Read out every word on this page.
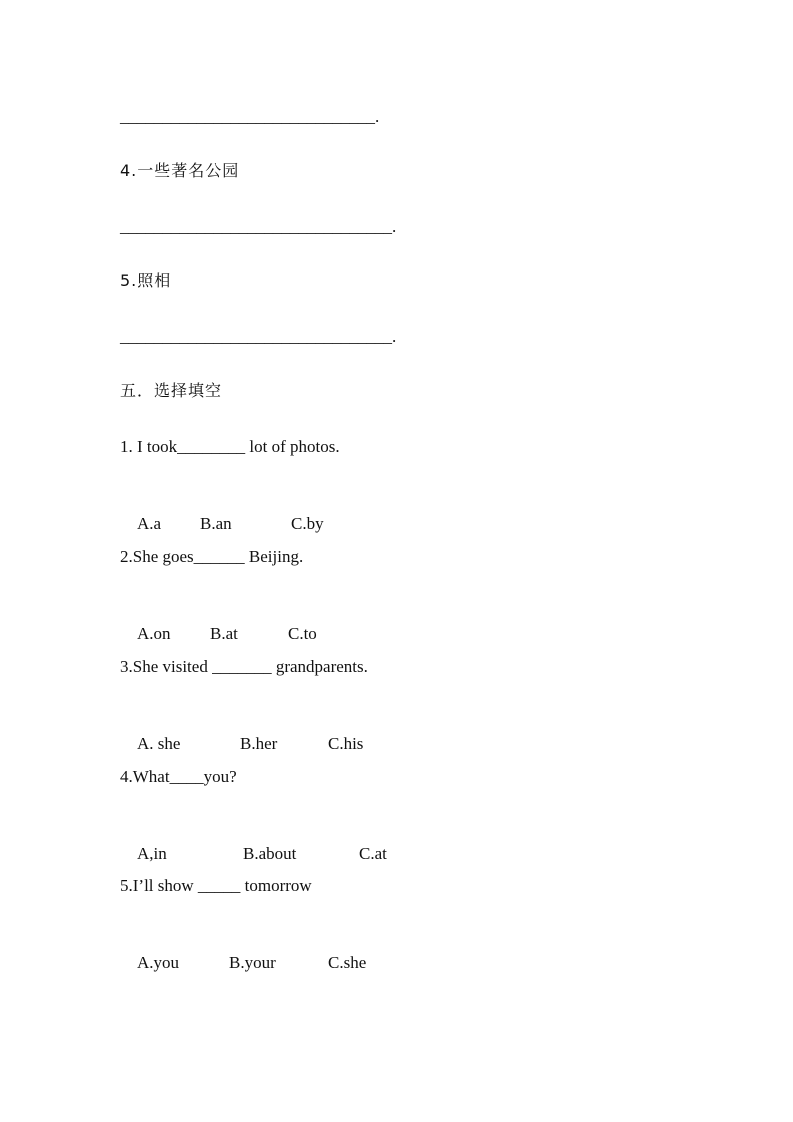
______________________________.
4.一些著名公园
________________________________.
5.照相
________________________________.
五．选择填空
1. I took________ lot of photos.

A.a B.an	C.by

2.She goes______ Beijing.

A.on B.at	C.to

3.She visited _______ grandparents.

A. she	B.her	C.his

4.What____you?

A,in	B.about	C.at

5.I’ll show _____ tomorrow

A.you	B.your	C.she
